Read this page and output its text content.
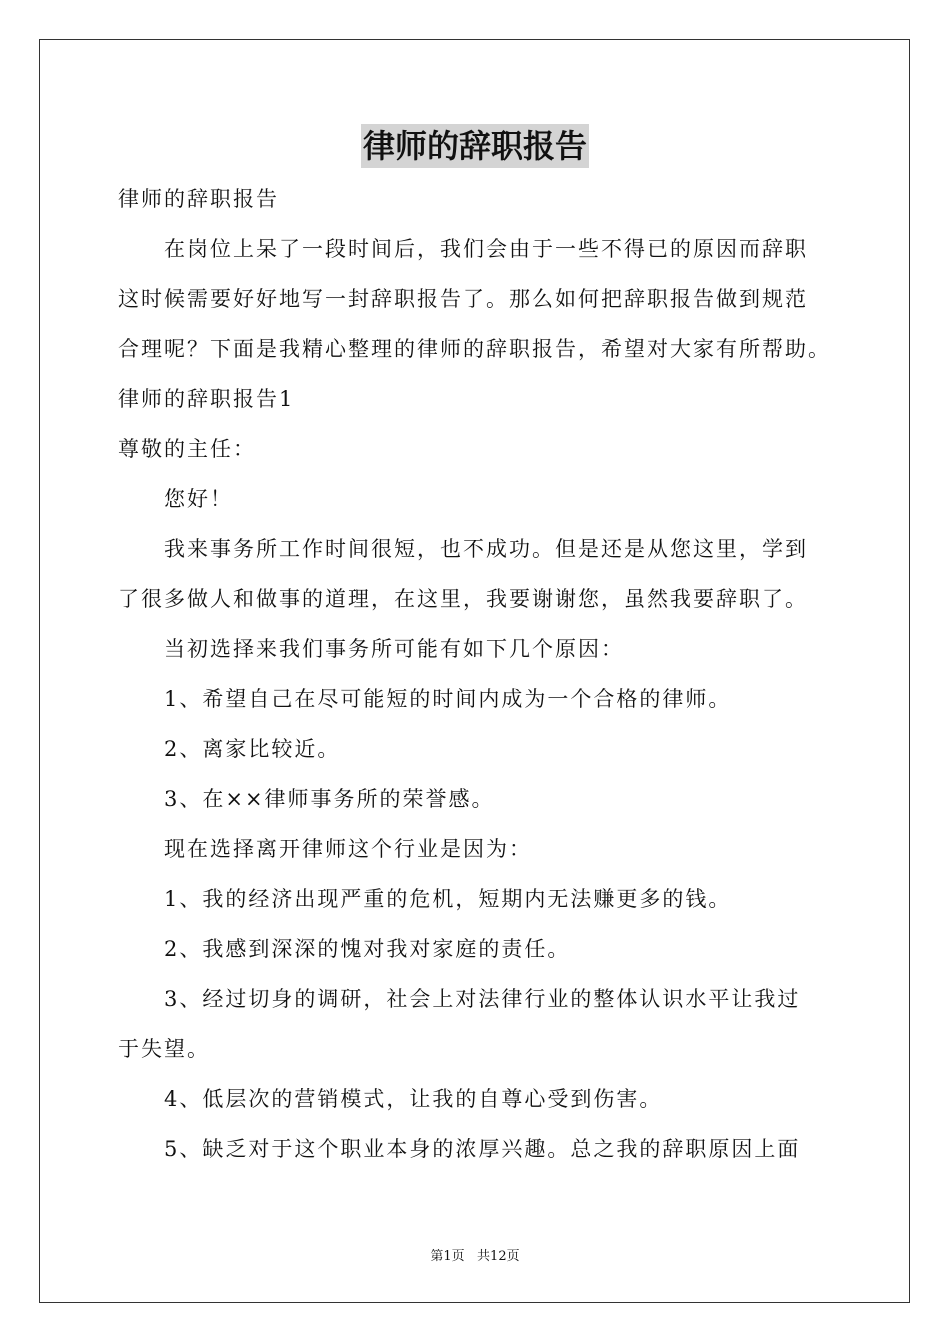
律师的辞职报告
律师的辞职报告
在岗位上呆了一段时间后，我们会由于一些不得已的原因而辞职
这时候需要好好地写一封辞职报告了。那么如何把辞职报告做到规范
合理呢？下面是我精心整理的律师的辞职报告，希望对大家有所帮助。
律师的辞职报告1
尊敬的主任：
您好！
我来事务所工作时间很短，也不成功。但是还是从您这里，学到
了很多做人和做事的道理，在这里，我要谢谢您，虽然我要辞职了。
当初选择来我们事务所可能有如下几个原因：
1、希望自己在尽可能短的时间内成为一个合格的律师。
2、离家比较近。
3、在××律师事务所的荣誉感。
现在选择离开律师这个行业是因为：
1、我的经济出现严重的危机，短期内无法赚更多的钱。
2、我感到深深的愧对我对家庭的责任。
3、经过切身的调研，社会上对法律行业的整体认识水平让我过
于失望。
4、低层次的营销模式，让我的自尊心受到伤害。
5、缺乏对于这个职业本身的浓厚兴趣。总之我的辞职原因上面
第1页   共12页
